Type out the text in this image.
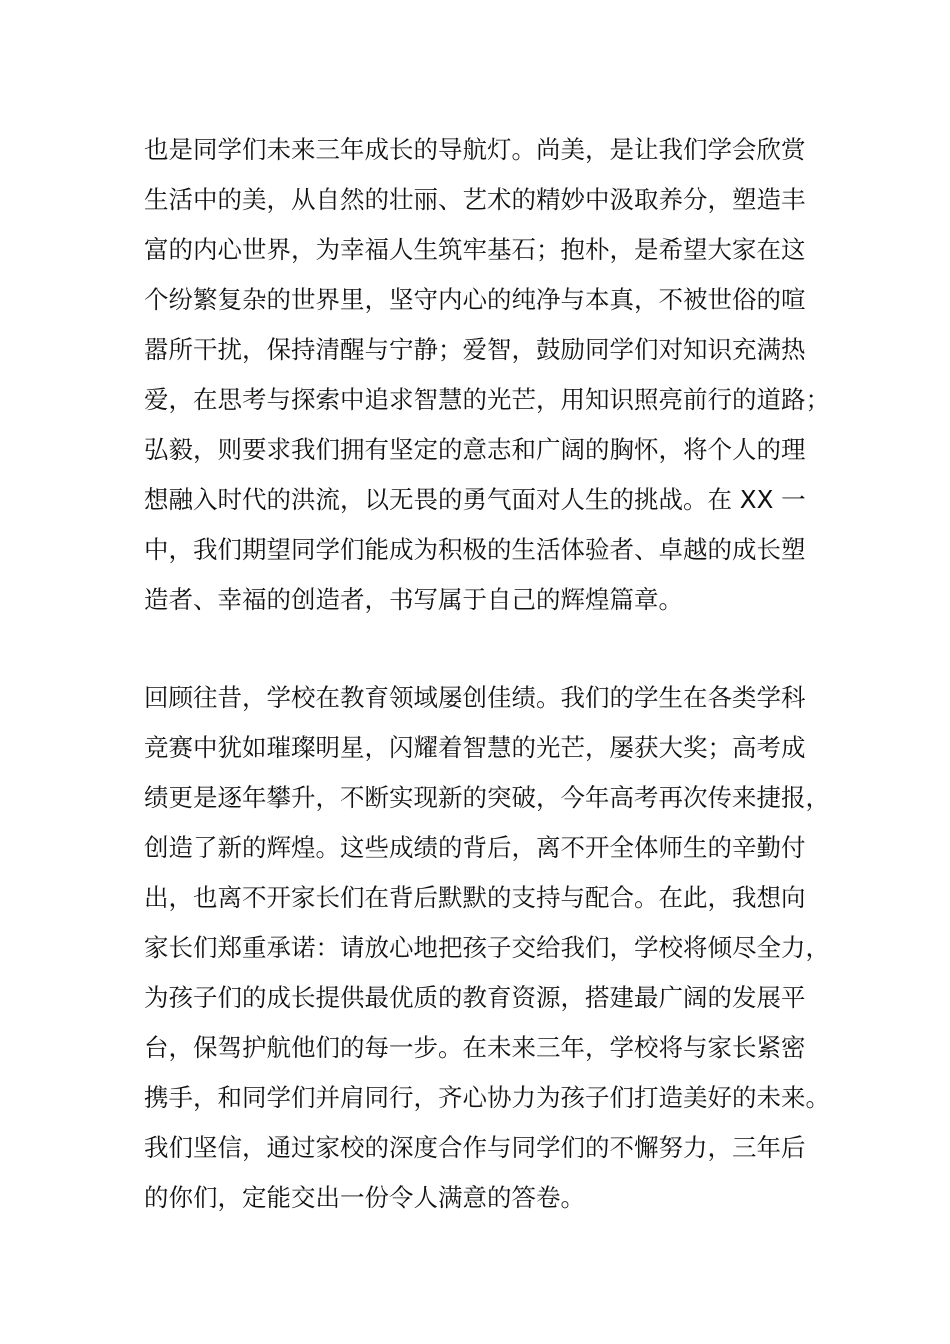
也是同学们未来三年成长的导航灯。尚美，是让我们学会欣赏
生活中的美，从自然的壮丽、艺术的精妙中汲取养分，塑造丰
富的内心世界，为幸福人生筑牢基石；抱朴，是希望大家在这
个纷繁复杂的世界里，坚守内心的纯净与本真，不被世俗的喧
嚣所干扰，保持清醒与宁静；爱智，鼓励同学们对知识充满热
爱，在思考与探索中追求智慧的光芒，用知识照亮前行的道路；
弘毅，则要求我们拥有坚定的意志和广阔的胸怀，将个人的理
想融入时代的洪流，以无畏的勇气面对人生的挑战。在 XX 一
中，我们期望同学们能成为积极的生活体验者、卓越的成长塑
造者、幸福的创造者，书写属于自己的辉煌篇章。
回顾往昔，学校在教育领域屡创佳绩。我们的学生在各类学科
竞赛中犹如璀璨明星，闪耀着智慧的光芒，屡获大奖；高考成
绩更是逐年攀升，不断实现新的突破，今年高考再次传来捷报，
创造了新的辉煌。这些成绩的背后，离不开全体师生的辛勤付
出，也离不开家长们在背后默默的支持与配合。在此，我想向
家长们郑重承诺：请放心地把孩子交给我们，学校将倾尽全力，
为孩子们的成长提供最优质的教育资源，搭建最广阔的发展平
台，保驾护航他们的每一步。在未来三年，学校将与家长紧密
携手，和同学们并肩同行，齐心协力为孩子们打造美好的未来。
我们坚信，通过家校的深度合作与同学们的不懈努力，三年后
的你们，定能交出一份令人满意的答卷。
